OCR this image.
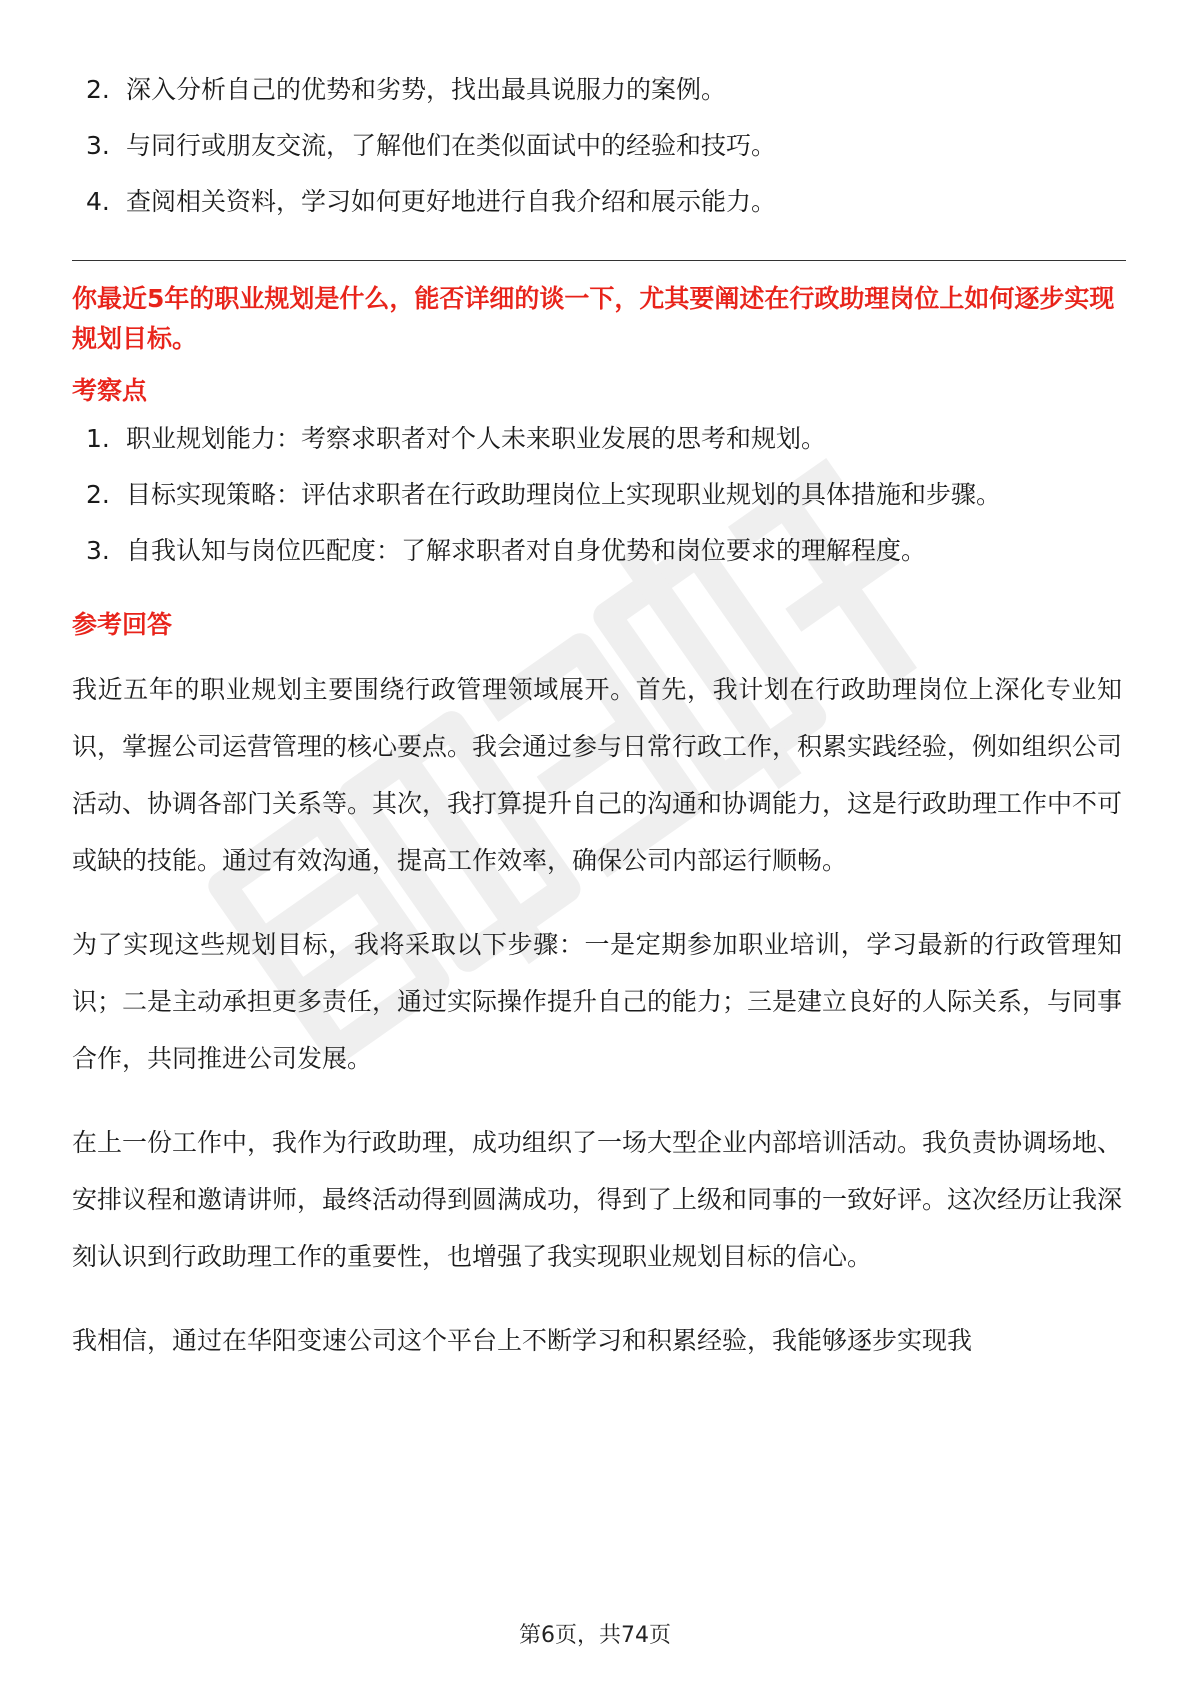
2. 深入分析自己的优势和劣势，找出最具说服力的案例。
3. 与同行或朋友交流，了解他们在类似面试中的经验和技巧。
4. 查阅相关资料，学习如何更好地进行自我介绍和展示能力。
你最近5年的职业规划是什么，能否详细的谈一下，尤其要阐述在行政助理岗位上如何逐步实现规划目标。
考察点
1. 职业规划能力：考察求职者对个人未来职业发展的思考和规划。
2. 目标实现策略：评估求职者在行政助理岗位上实现职业规划的具体措施和步骤。
3. 自我认知与岗位匹配度：了解求职者对自身优势和岗位要求的理解程度。
参考回答

我近五年的职业规划主要围绕行政管理领域展开。首先，我计划在行政助理岗位上深化专业知识，掌握公司运营管理的核心要点。我会通过参与日常行政工作，积累实践经验，例如组织公司活动、协调各部门关系等。其次，我打算提升自己的沟通和协调能力，这是行政助理工作中不可或缺的技能。通过有效沟通，提高工作效率，确保公司内部运行顺畅。

为了实现这些规划目标，我将采取以下步骤：一是定期参加职业培训，学习最新的行政管理知识；二是主动承担更多责任，通过实际操作提升自己的能力；三是建立良好的人际关系，与同事合作，共同推进公司发展。

在上一份工作中，我作为行政助理，成功组织了一场大型企业内部培训活动。我负责协调场地、安排议程和邀请讲师，最终活动得到圆满成功，得到了上级和同事的一致好评。这次经历让我深刻认识到行政助理工作的重要性，也增强了我实现职业规划目标的信心。

我相信，通过在华阳变速公司这个平台上不断学习和积累经验，我能够逐步实现我

第6页，共74页
